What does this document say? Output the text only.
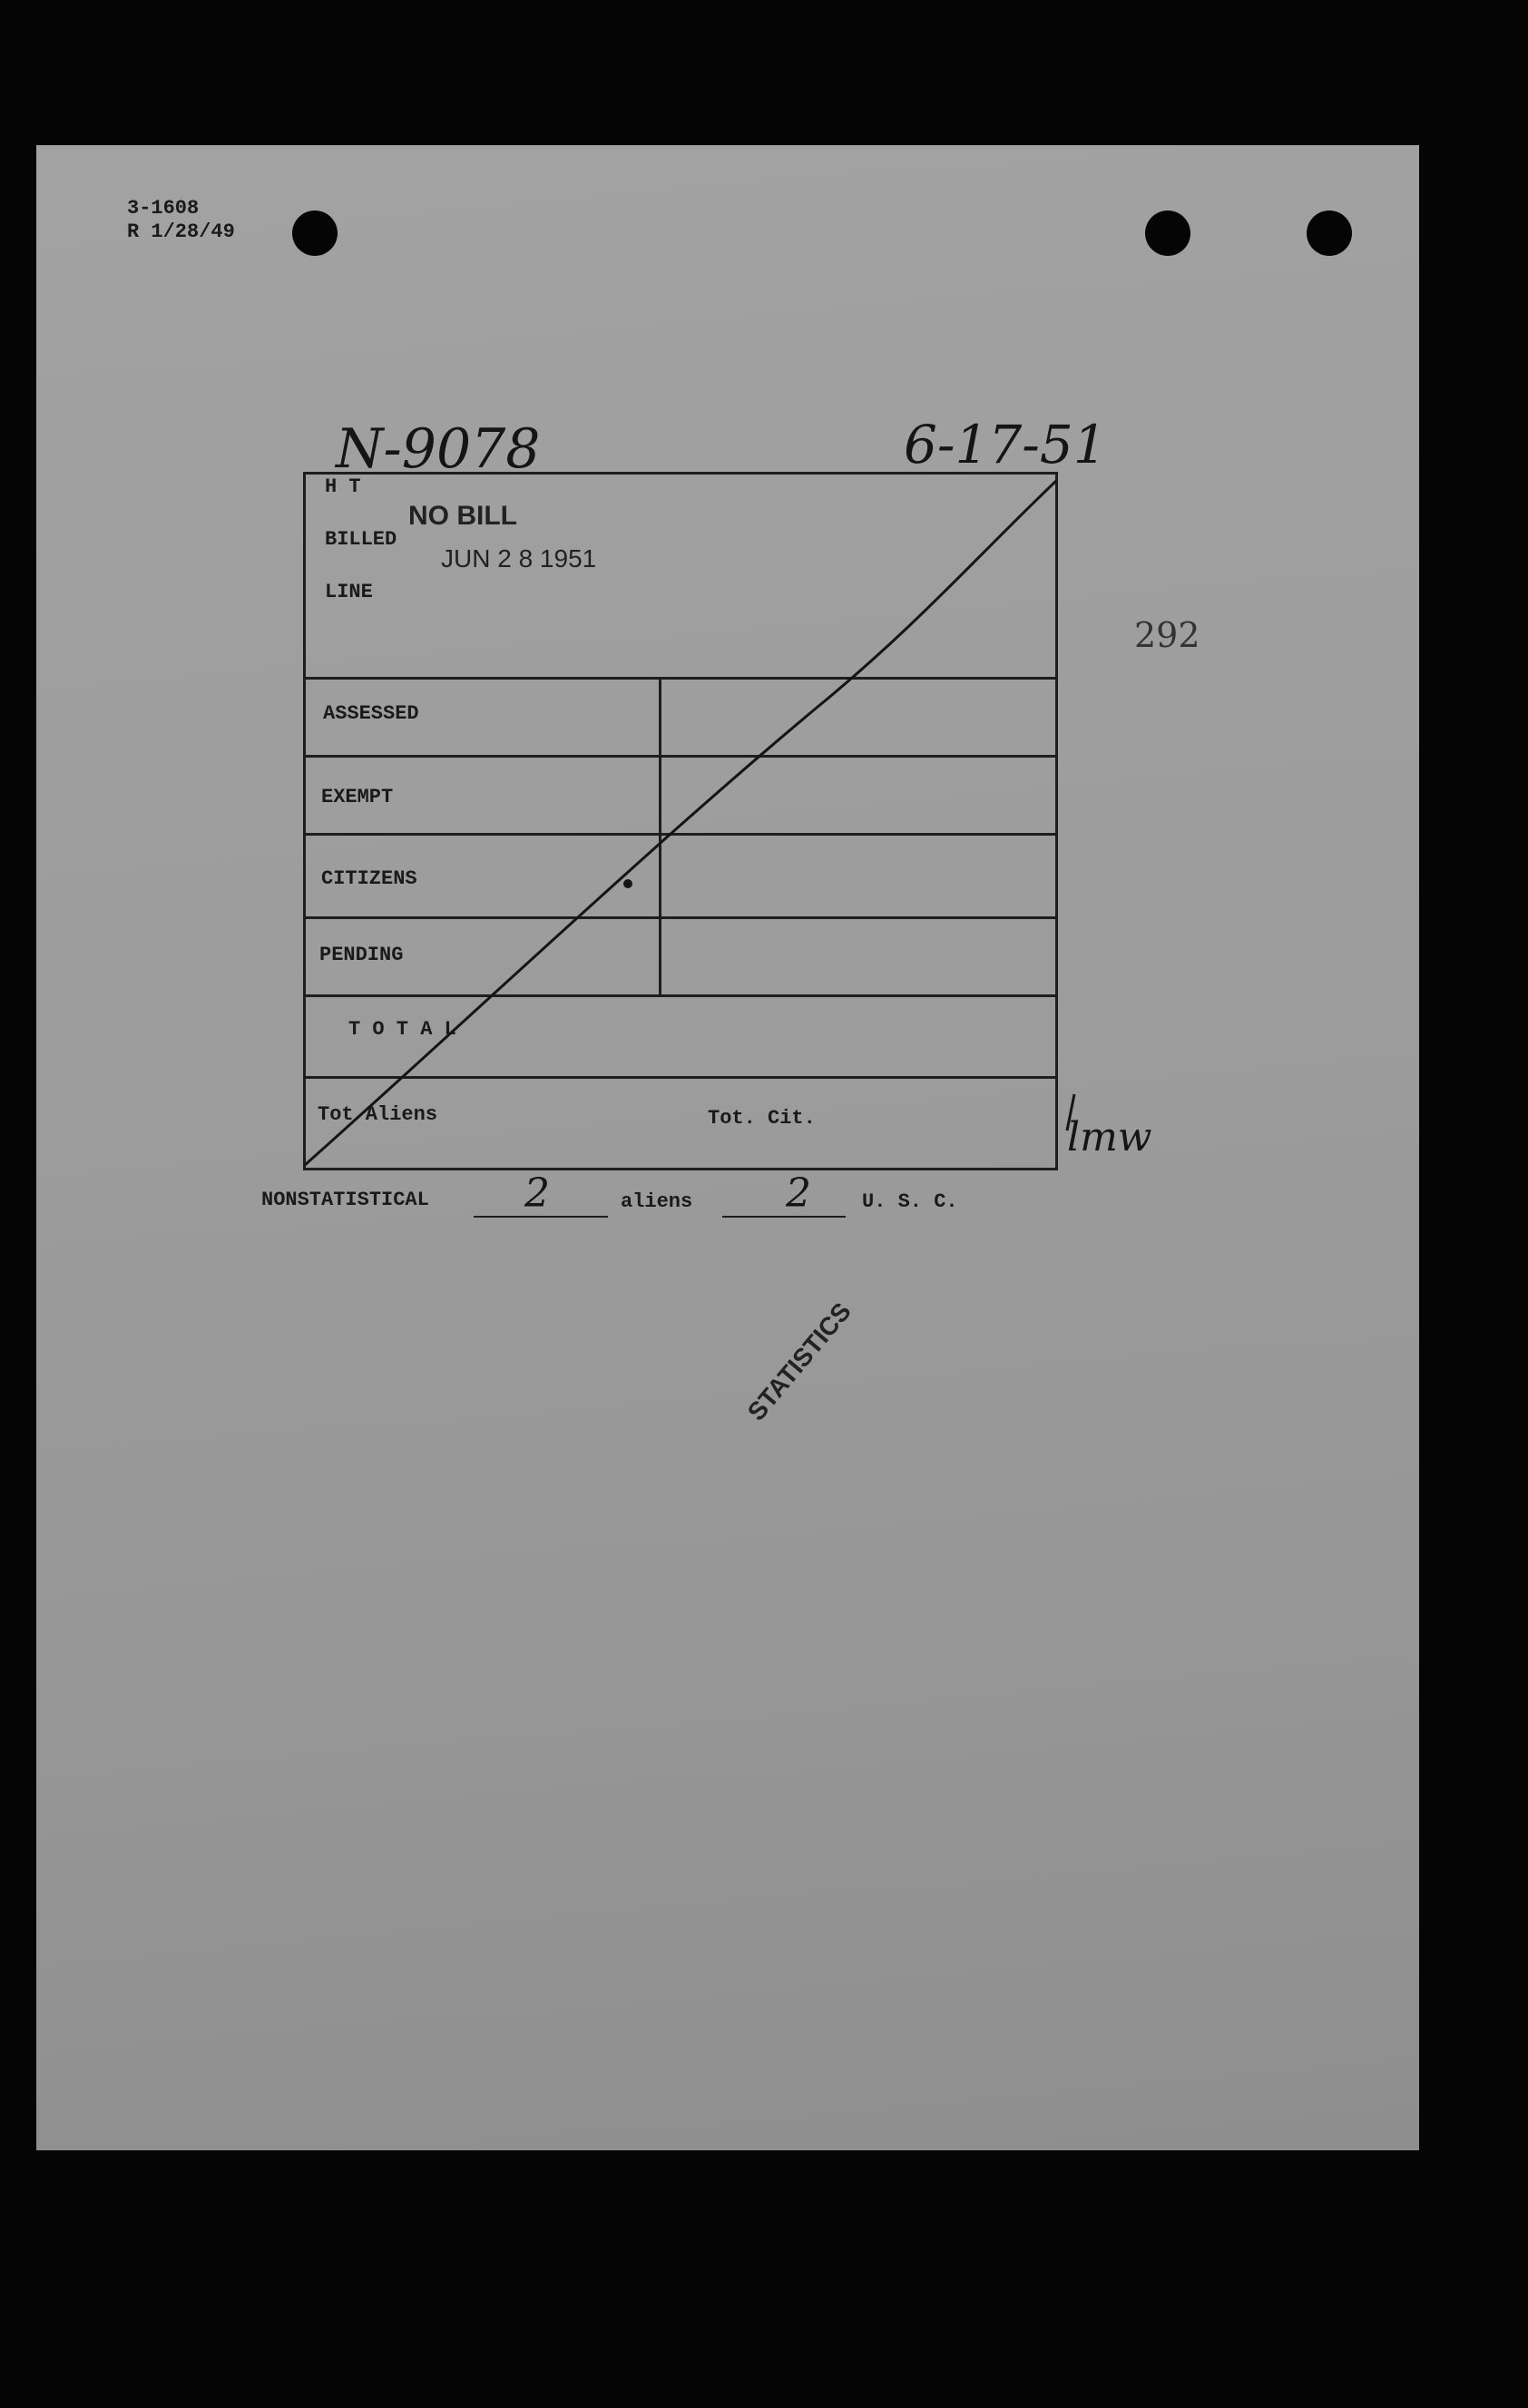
3-1608
R 1/28/49
N-9078	6-17-51
292
lmw
H T
BILLED
LINE
NO BILL
JUN 2 8 1951
ASSESSED
EXEMPT
CITIZENS
PENDING
T O T A L
Tot Aliens	Tot. Cit.
NONSTATISTICAL 2	aliens 2	U. S. C.
STATISTICS
